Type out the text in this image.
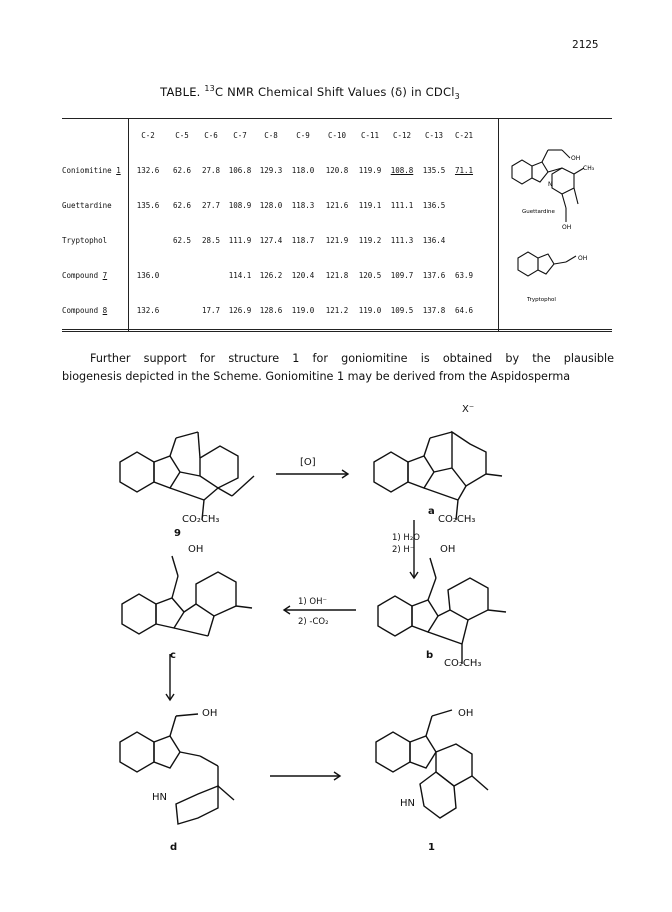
2125
TABLE. $^{13}$C NMR Chemical Shift Values (δ) in CDCl$_3$
	C-2	C-5	C-6	C-7	C-8	C-9	C-10	C-11	C-12	C-13	C-21
Coniomitine 1	132.6	62.6	27.8	106.8	129.3	118.0	120.8	119.9	108.8	135.5	71.1
Guettardine	135.6	62.6	27.7	108.9	128.0	118.3	121.6	119.1	111.1	136.5	
Tryptophol		62.5	28.5	111.9	127.4	118.7	121.9	119.2	111.3	136.4	
Compound 7	136.0			114.1	126.2	120.4	121.8	120.5	109.7	137.6	63.9
Compound 8	132.6		17.7	126.9	128.6	119.0	121.2	119.0	109.5	137.8	64.6
OH
CH₃
N
OH
Guettardine
OH
Tryptophol
Further support for structure 1 for goniomitine is obtained by the plausible
biogenesis depicted in the Scheme. Goniomitine 1 may be derived from the Aspidosperma
CO₂CH₃	CO₂CH₃
CO₂CH₃
OH	OH
OH	OH
X⁻
HN
HN
[O]
1) H₂O
2) H⁻
1) OH⁻
2) -CO₂
9
a
b
c
d	1
